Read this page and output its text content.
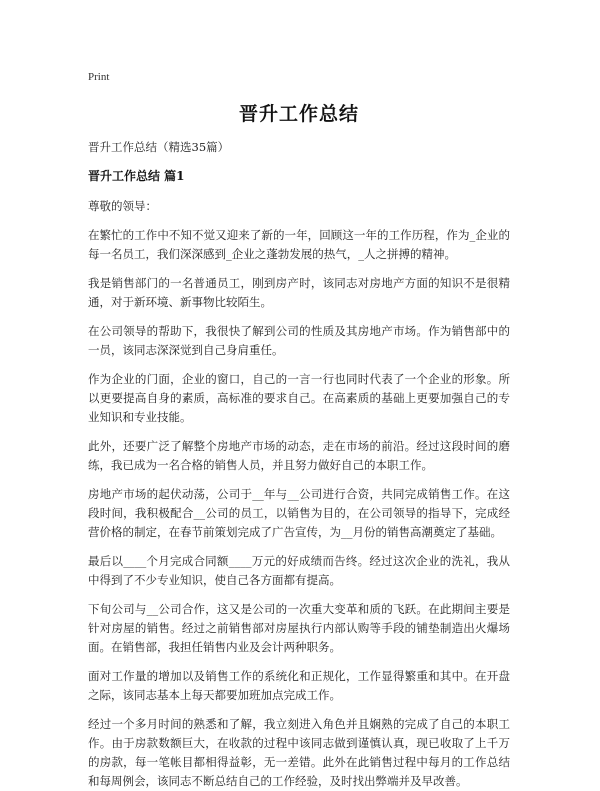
Print
晋升工作总结
晋升工作总结（精选35篇）
晋升工作总结 篇1

尊敬的领导：

在繁忙的工作中不知不觉又迎来了新的一年，回顾这一年的工作历程，作为_企业的每一名员工，我们深深感到_企业之蓬勃发展的热气，_人之拼搏的精神。

我是销售部门的一名普通员工，刚到房产时，该同志对房地产方面的知识不是很精通，对于新环境、新事物比较陌生。

在公司领导的帮助下，我很快了解到公司的性质及其房地产市场。作为销售部中的一员，该同志深深觉到自己身肩重任。

作为企业的门面，企业的窗口，自己的一言一行也同时代表了一个企业的形象。所以更要提高自身的素质，高标准的要求自己。在高素质的基础上更要加强自己的专业知识和专业技能。

此外，还要广泛了解整个房地产市场的动态，走在市场的前沿。经过这段时间的磨练，我已成为一名合格的销售人员，并且努力做好自己的本职工作。

房地产市场的起伏动荡，公司于__年与__公司进行合资，共同完成销售工作。在这段时间，我积极配合__公司的员工，以销售为目的，在公司领导的指导下，完成经营价格的制定，在春节前策划完成了广告宣传，为__月份的销售高潮奠定了基础。

最后以____个月完成合同额____万元的好成绩而告终。经过这次企业的洗礼，我从中得到了不少专业知识，使自己各方面都有提高。

下旬公司与__公司合作，这又是公司的一次重大变革和质的飞跃。在此期间主要是针对房屋的销售。经过之前销售部对房屋执行内部认购等手段的铺垫制造出火爆场面。在销售部，我担任销售内业及会计两种职务。

面对工作量的增加以及销售工作的系统化和正规化，工作显得繁重和其中。在开盘之际，该同志基本上每天都要加班加点完成工作。

经过一个多月时间的熟悉和了解，我立刻进入角色并且娴熟的完成了自己的本职工作。由于房款数额巨大，在收款的过程中该同志做到谨慎认真，现已收取了上千万的房款，每一笔帐目都相得益彰，无一差错。此外在此销售过程中每月的工作总结和每周例会，该同志不断总结自己的工作经验，及时找出弊端并及早改善。
